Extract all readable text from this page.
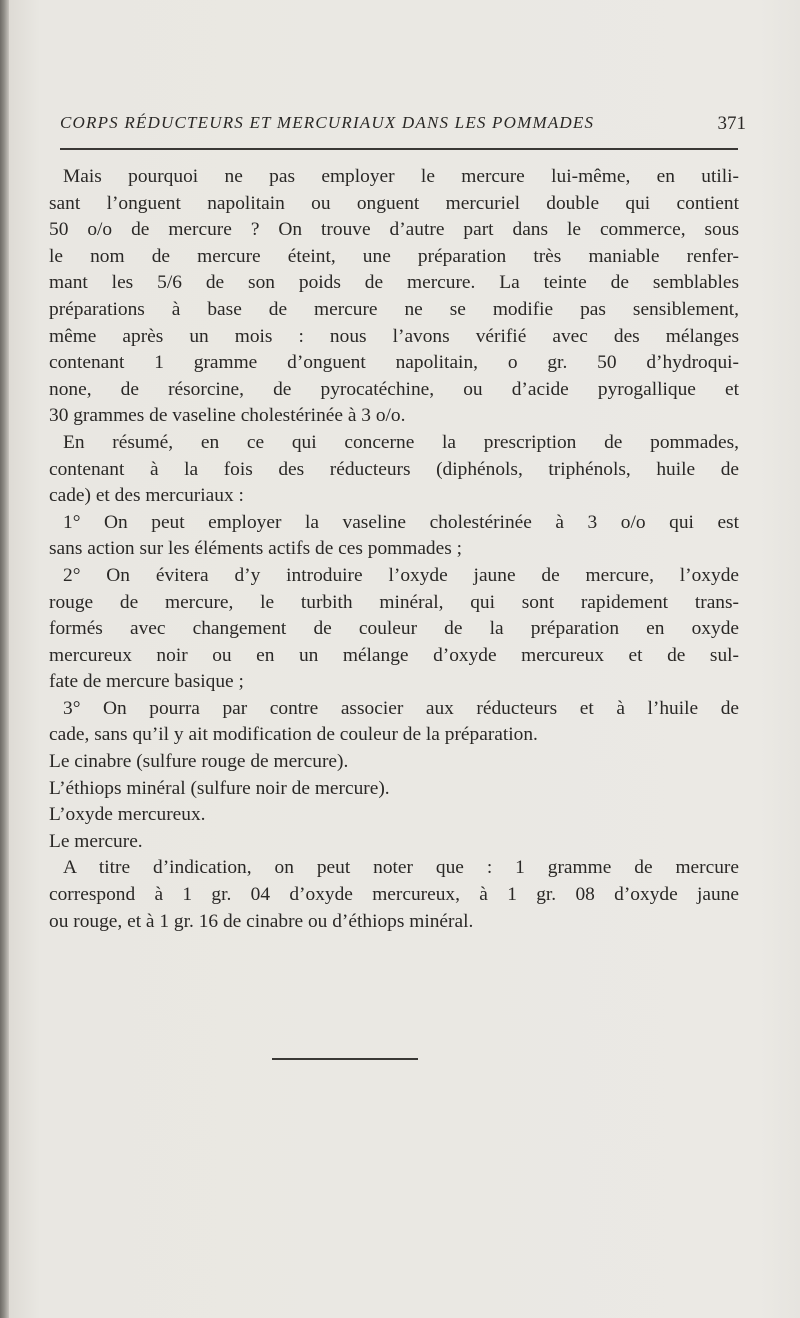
CORPS RÉDUCTEURS ET MERCURIAUX DANS LES POMMADES	371
Mais pourquoi ne pas employer le mercure lui-même, en utili-
sant l’onguent napolitain ou onguent mercuriel double qui contient
50 o/o de mercure ? On trouve d’autre part dans le commerce, sous
le nom de mercure éteint, une préparation très maniable renfer-
mant les 5/6 de son poids de mercure. La teinte de semblables
préparations à base de mercure ne se modifie pas sensiblement,
même après un mois : nous l’avons vérifié avec des mélanges
contenant 1 gramme d’onguent napolitain, o gr. 50 d’hydroqui-
none, de résorcine, de pyrocatéchine, ou d’acide pyrogallique et
30 grammes de vaseline cholestérinée à 3 o/o.
En résumé, en ce qui concerne la prescription de pommades,
contenant à la fois des réducteurs (diphénols, triphénols, huile de
cade) et des mercuriaux :
1° On peut employer la vaseline cholestérinée à 3 o/o qui est
sans action sur les éléments actifs de ces pommades ;
2° On évitera d’y introduire l’oxyde jaune de mercure, l’oxyde
rouge de mercure, le turbith minéral, qui sont rapidement trans-
formés avec changement de couleur de la préparation en oxyde
mercureux noir ou en un mélange d’oxyde mercureux et de sul-
fate de mercure basique ;
3° On pourra par contre associer aux réducteurs et à l’huile de
cade, sans qu’il y ait modification de couleur de la préparation.
Le cinabre (sulfure rouge de mercure).
L’éthiops minéral (sulfure noir de mercure).
L’oxyde mercureux.
Le mercure.
A titre d’indication, on peut noter que : 1 gramme de mercure
correspond à 1 gr. 04 d’oxyde mercureux, à 1 gr. 08 d’oxyde jaune
ou rouge, et à 1 gr. 16 de cinabre ou d’éthiops minéral.
